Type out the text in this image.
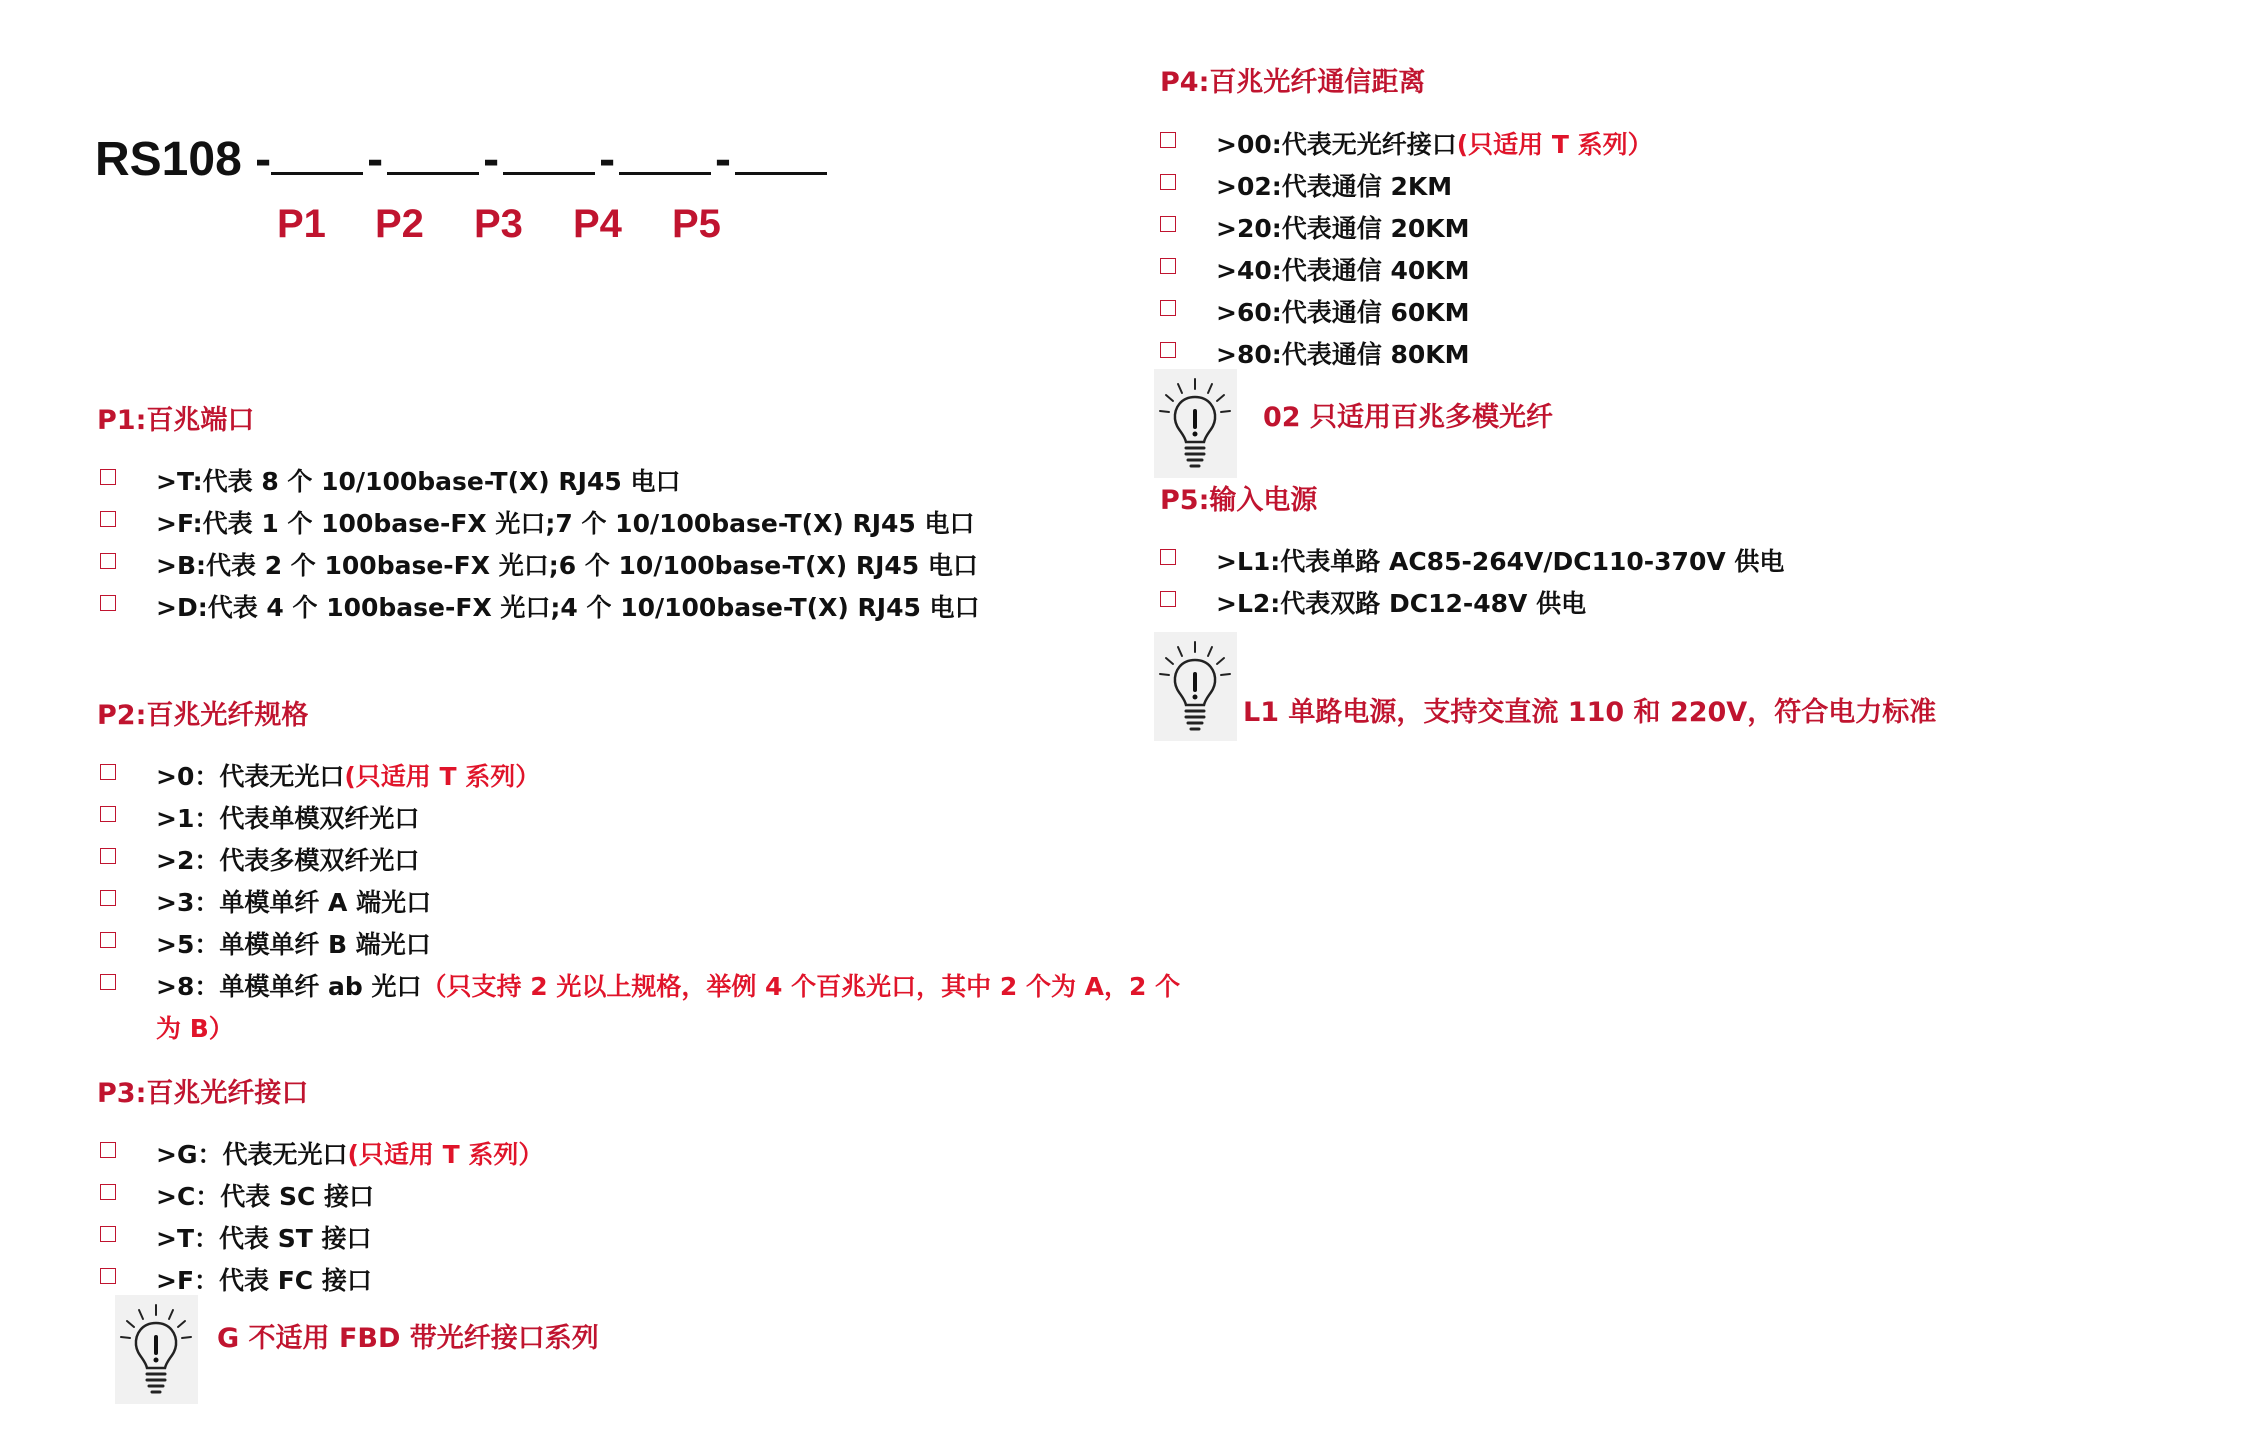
RS108 - - - - -
P1 P2 P3 P4 P5
P1:百兆端口
>T:代表 8 个 10/100base-T(X) RJ45 电口
>F:代表 1 个 100base-FX 光口;7 个 10/100base-T(X) RJ45 电口
>B:代表 2 个 100base-FX 光口;6 个 10/100base-T(X) RJ45 电口
>D:代表 4 个 100base-FX 光口;4 个 10/100base-T(X) RJ45 电口
P2:百兆光纤规格
>0：代表无光口(只适用 T 系列）
>1：代表单模双纤光口
>2：代表多模双纤光口
>3：单模单纤 A 端光口
>5：单模单纤 B 端光口
>8：单模单纤 ab 光口（只支持 2 光以上规格，举例 4 个百兆光口，其中 2 个为 A，2 个
为 B）
P3:百兆光纤接口
>G：代表无光口(只适用 T 系列）
>C：代表 SC 接口
>T：代表 ST 接口
>F：代表 FC 接口
G 不适用 FBD 带光纤接口系列
P4:百兆光纤通信距离
>00:代表无光纤接口(只适用 T 系列）
>02:代表通信 2KM
>20:代表通信 20KM
>40:代表通信 40KM
>60:代表通信 60KM
>80:代表通信 80KM
02 只适用百兆多模光纤
P5:输入电源
>L1:代表单路 AC85-264V/DC110-370V 供电
>L2:代表双路 DC12-48V 供电
L1 单路电源，支持交直流 110 和 220V，符合电力标准
